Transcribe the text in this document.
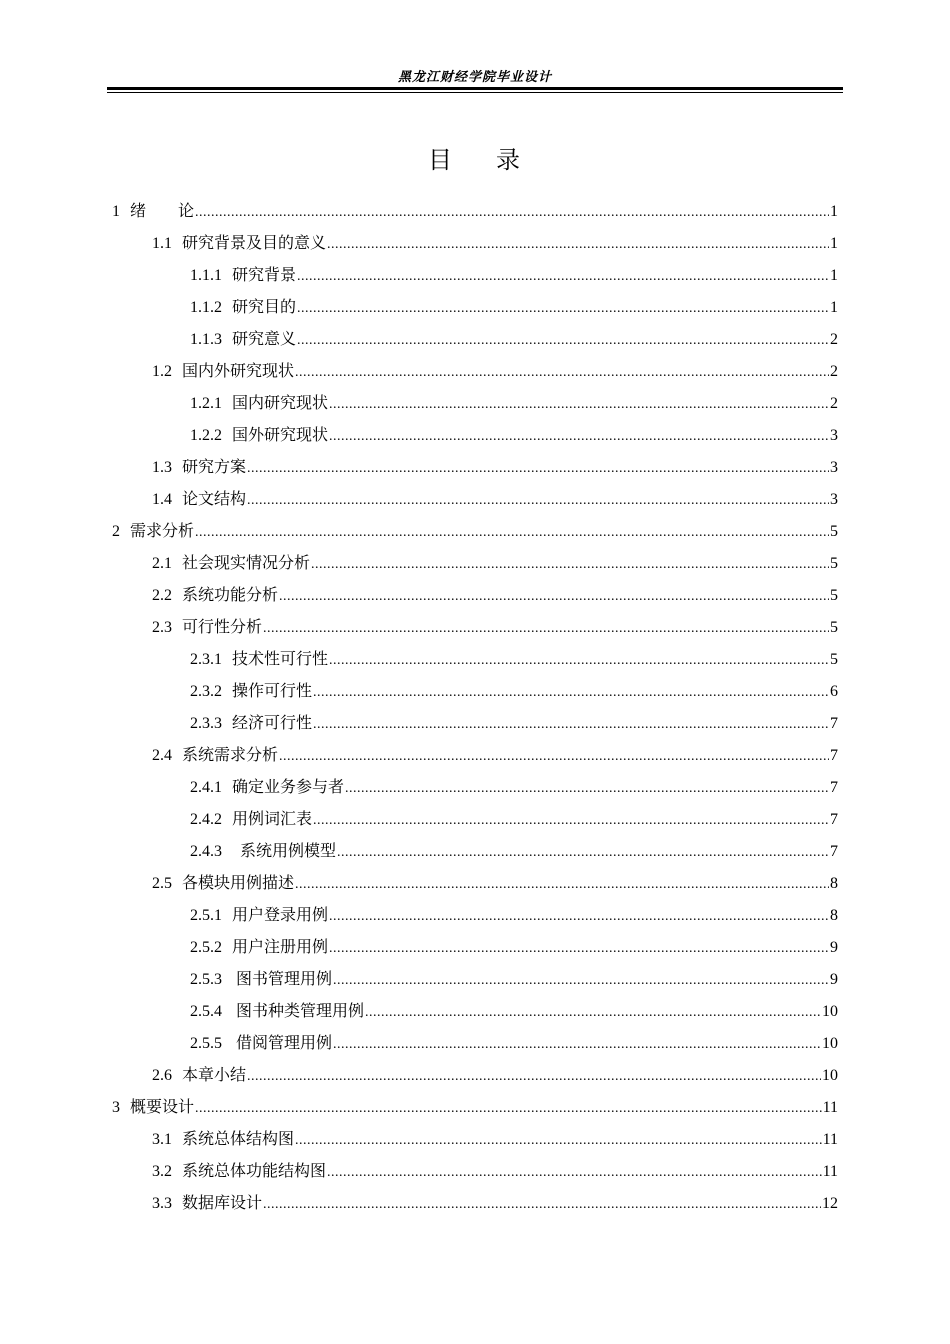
黑龙江财经学院毕业设计
目 录
1 绪　　论 .....	1
1.1 研究背景及目的意义 .....	1
1.1.1 研究背景 .....	1
1.1.2 研究目的 .....	1
1.1.3 研究意义 .....	2
1.2 国内外研究现状 .....	2
1.2.1 国内研究现状 .....	2
1.2.2 国外研究现状 .....	3
1.3 研究方案 .....	3
1.4 论文结构 .....	3
2 需求分析 .....	5
2.1 社会现实情况分析 .....	5
2.2 系统功能分析 .....	5
2.3 可行性分析 .....	5
2.3.1 技术性可行性 .....	5
2.3.2 操作可行性 .....	6
2.3.3 经济可行性 .....	7
2.4 系统需求分析 .....	7
2.4.1 确定业务参与者 .....	7
2.4.2 用例词汇表 .....	7
2.4.3 系统用例模型 .....	7
2.5 各模块用例描述 .....	8
2.5.1 用户登录用例 .....	8
2.5.2 用户注册用例 .....	9
2.5.3 图书管理用例 .....	9
2.5.4 图书种类管理用例 .....	10
2.5.5 借阅管理用例 .....	10
2.6 本章小结 .....	10
3 概要设计 .....	11
3.1 系统总体结构图 .....	11
3.2 系统总体功能结构图 .....	11
3.3 数据库设计 .....	12
